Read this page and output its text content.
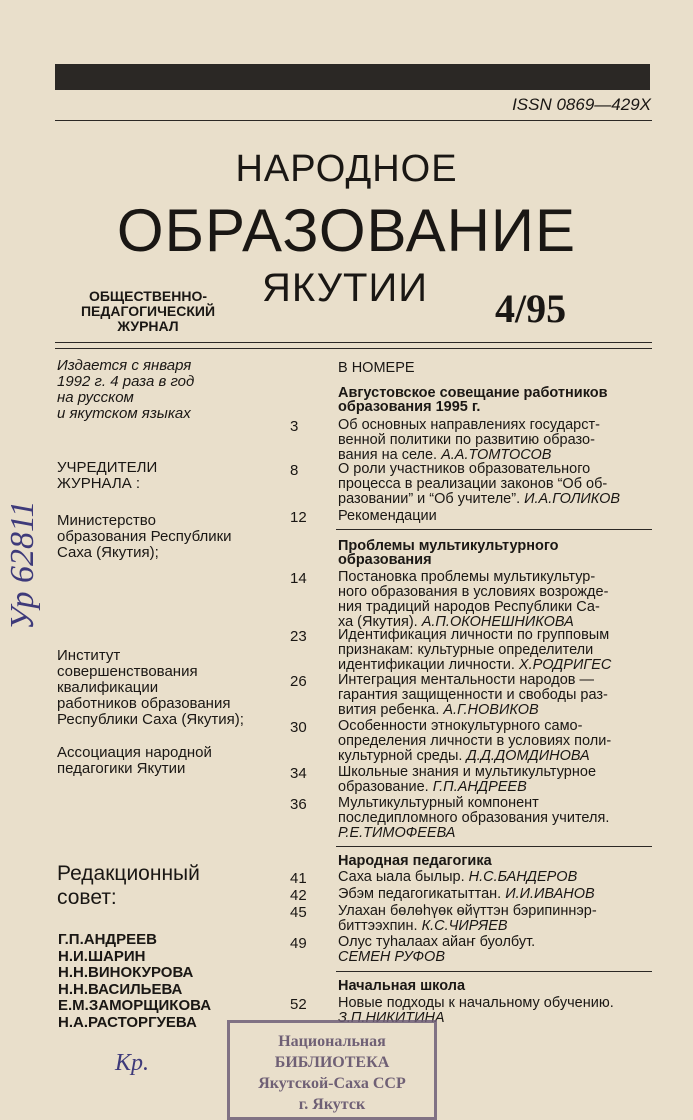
ISSN 0869—429X
НАРОДНОЕ
ОБРАЗОВАНИЕ
ЯКУТИИ
ОБЩЕСТВЕННО-
ПЕДАГОГИЧЕСКИЙ
ЖУРНАЛ	4/95
Издается с января
1992 г. 4 раза в год
на русском
и якутском языках
УЧРЕДИТЕЛИ
ЖУРНАЛА :
Министерство
образования Республики
Саха (Якутия);
Институт
совершенствования
квалификации
работников образования
Республики Саха (Якутия);
Ассоциация народной
педагогики Якутии
Редакционный
совет:
Г.П.АНДРЕЕВ
Н.И.ШАРИН
Н.Н.ВИНОКУРОВА
Н.Н.ВАСИЛЬЕВА
Е.М.ЗАМОРЩИКОВА
Н.А.РАСТОРГУЕВА
В НОМЕРЕ
Августовское совещание работников
образования 1995 г.
3	Об основных направлениях государст-
венной политики по развитию образо-
вания на селе. А.А.ТОМТОСОВ
8	О роли участников образовательного
процесса в реализации законов “Об об-
разовании” и “Об учителе”. И.А.ГОЛИКОВ
12 Рекомендации
Проблемы мультикультурного
образования
14 Постановка проблемы мультикультур-
ного образования в условиях возрожде-
ния традиций народов Республики Са-
ха (Якутия). А.П.ОКОНЕШНИКОВА
23 Идентификация личности по групповым
признакам: культурные определители
идентификации личности. Х.РОДРИГЕС
26 Интеграция ментальности народов —
гарантия защищенности и свободы раз-
вития ребенка. А.Г.НОВИКОВ
30 Особенности этнокультурного само-
определения личности в условиях поли-
культурной среды. Д.Д.ДОМДИНОВА
34 Школьные знания и мультикультурное
образование. Г.П.АНДРЕЕВ
36 Мультикультурный компонент
последипломного образования учителя.
Р.Е.ТИМОФЕЕВА
Народная педагогика
41 Саха ыала былыр. Н.С.БАНДЕРОВ
42 Эбэм педагогикатыттан. И.И.ИВАНОВ
45 Улахан бөлөһүөк өйүттэн бэрипиннэр-
биттээхпин. К.С.ЧИРЯЕВ
49 Олус туһалаах айаҥ буолбут.
СЕМЕН РУФОВ
Начальная школа
52 Новые подходы к начальному обучению.
З.П.НИКИТИНА
Национальная
БИБЛИОТЕКА
Якутской-Саха ССР
г. Якутск
Ур 62811
Кр.
